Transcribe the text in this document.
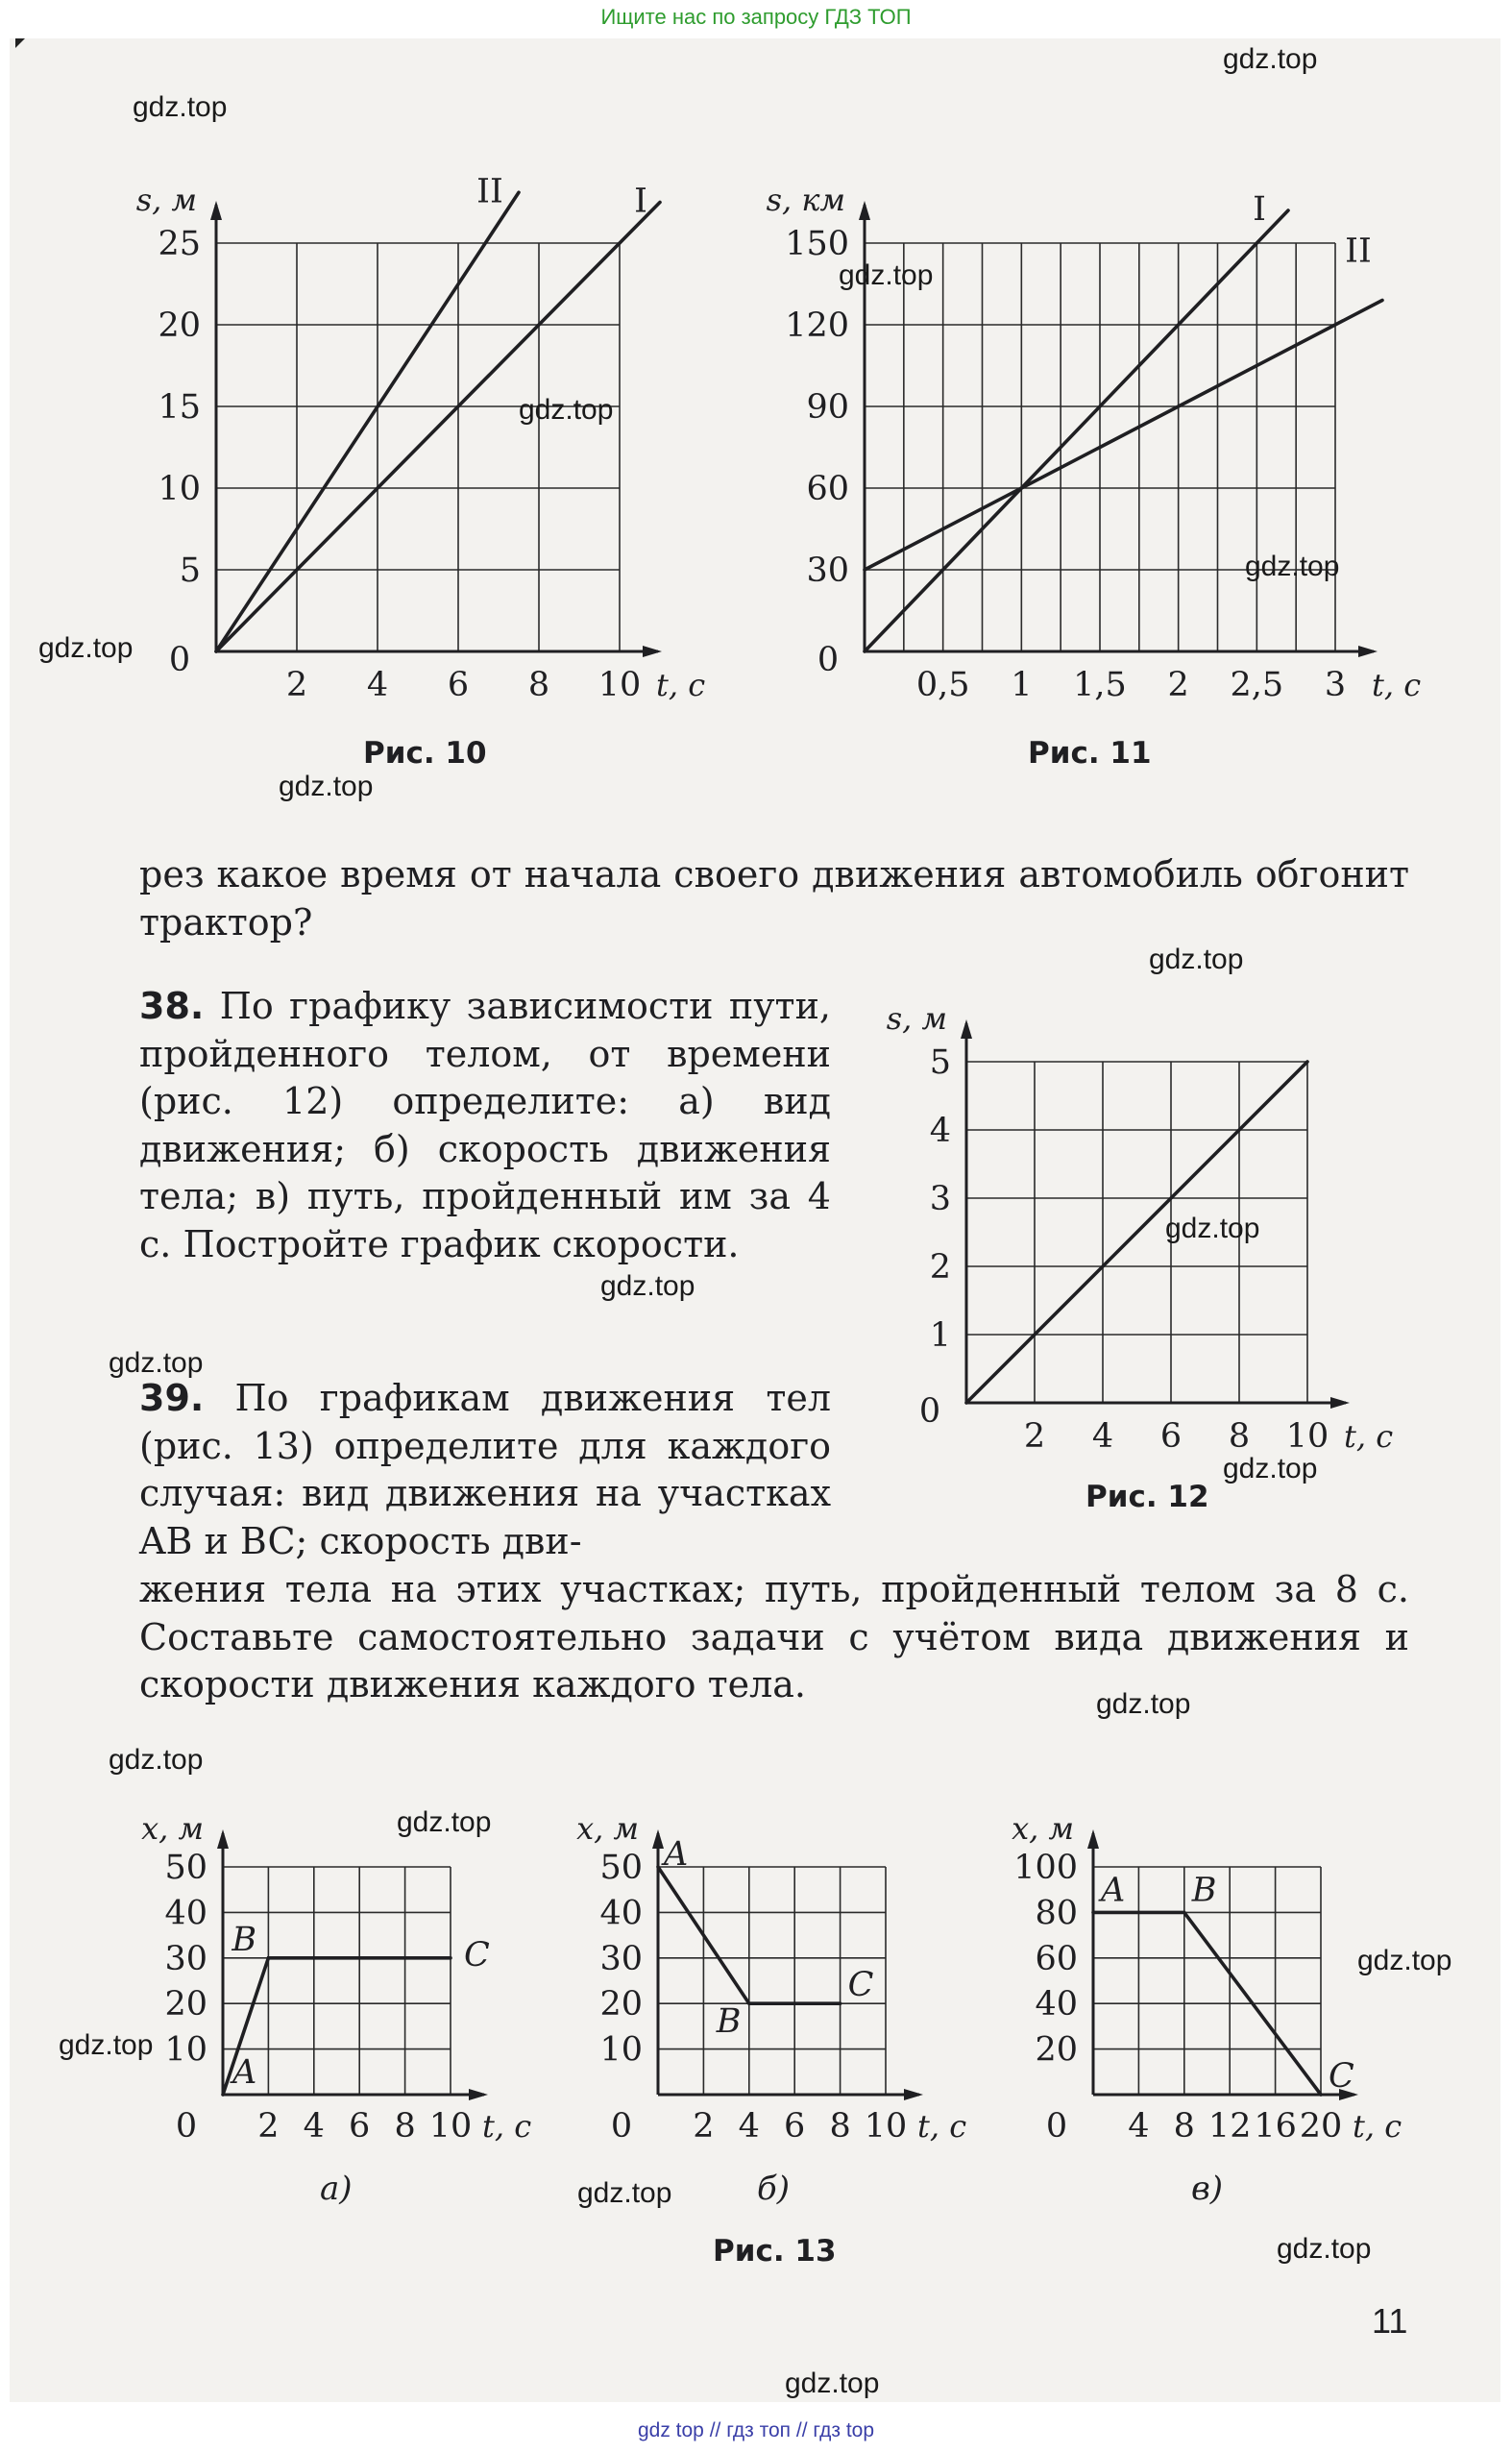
Ищите нас по запросу ГДЗ ТОП
2 4 6 8 10
5
10
15
20
25
0
t, с
s, м	I
II
Рис. 10
0,5 1 1,5 2 2,5 3
30
60
90
120
150
0
t, с
s, км	I
II
Рис. 11
рез какое время от начала своего движения автомобиль обгонит трактор?
38. По графику зависимости пути, пройденного телом, от времени (рис. 12) определите: а) вид движения; б) скорость движения тела; в) путь, пройденный им за 4 с. Постройте график скорости.
2 4 6 8 10
1
2
3
4
5
0
t, с
s, м
Рис. 12
39. По графикам движения тел (рис. 13) определите для каждого случая: вид движения на участках AB и BC; скорость дви-
жения тела на этих участках; путь, пройденный телом за 8 с. Составьте самостоятельно задачи с учётом вида движения и скорости движения каждого тела.
2 4 6 8 10
10
20
30
40
50
0	t, с
x, м
A
B	C
2 4 6 8 10
10
20
30
40
50
0	t, с
x, м
A
B
C
4 8 12 16 20
20
40
60
80
100
0	t, с
x, м
A B
C
а)	б)	в)
Рис. 13
11
gdz.top
gdz.top
gdz.top
gdz.top
gdz.top
gdz.top
gdz.top
gdz.top
gdz.top
gdz.top
gdz.top
gdz.top
gdz.top
gdz.top
gdz.top
gdz.top
gdz.top
gdz.top
gdz.top
gdz.top
gdz top // гдз топ // гдз top
